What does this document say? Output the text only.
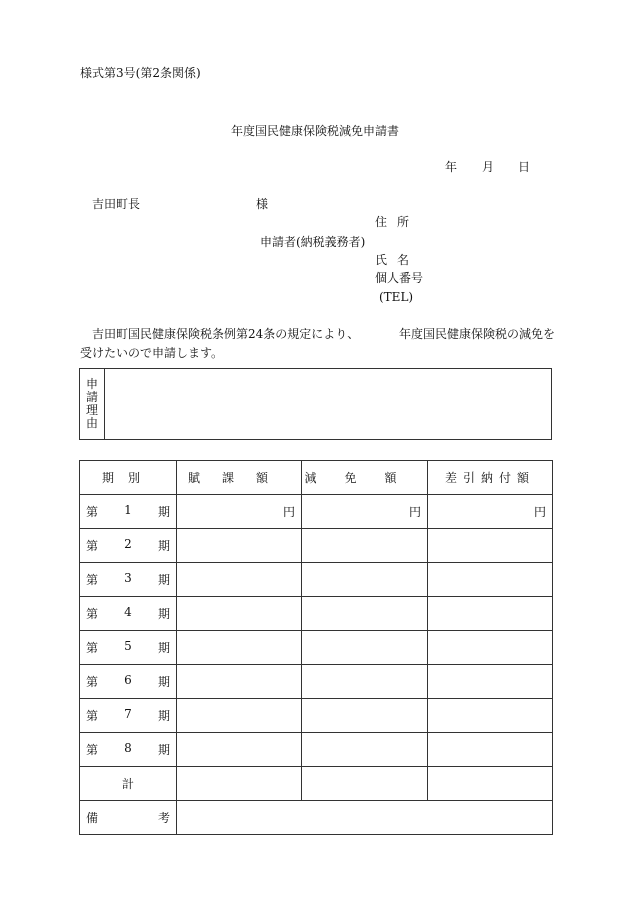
様式第3号(第2条関係)
年度国民健康保険税減免申請書
年 月 日
吉田町長	様
住所
申請者(納税義務者)
氏名
個人番号
(TEL)
吉田町国民健康保険税条例第24条の規定により、	年度国民健康保険税の減免を
受けたいので申請します。
申
請
理
由
期別	賦課額	減免額	差引納付額

第 1 期	円	円	円

第 2 期			

第 3 期			

第 4 期			

第 5 期			

第 6 期			

第 7 期			

第 8 期			

計			

備 考			
